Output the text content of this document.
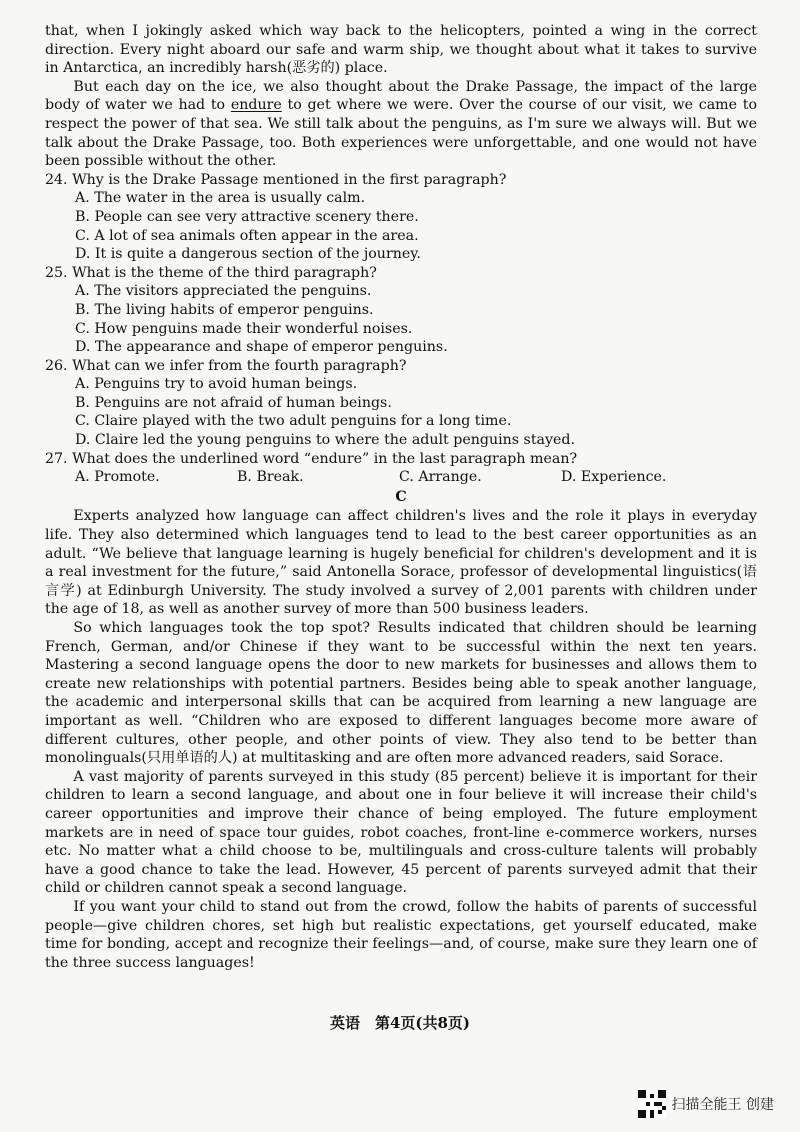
that, when I jokingly asked which way back to the helicopters, pointed a wing in the correct direction. Every night aboard our safe and warm ship, we thought about what it takes to survive in Antarctica, an incredibly harsh(恶劣的) place.

But each day on the ice, we also thought about the Drake Passage, the impact of the large body of water we had to endure to get where we were. Over the course of our visit, we came to respect the power of that sea. We still talk about the penguins, as I'm sure we always will. But we talk about the Drake Passage, too. Both experiences were unforgettable, and one would not have been possible without the other.

24. Why is the Drake Passage mentioned in the first paragraph?

A. The water in the area is usually calm.

B. People can see very attractive scenery there.

C. A lot of sea animals often appear in the area.

D. It is quite a dangerous section of the journey.

25. What is the theme of the third paragraph?

A. The visitors appreciated the penguins.

B. The living habits of emperor penguins.

C. How penguins made their wonderful noises.

D. The appearance and shape of emperor penguins.

26. What can we infer from the fourth paragraph?

A. Penguins try to avoid human beings.

B. Penguins are not afraid of human beings.

C. Claire played with the two adult penguins for a long time.

D. Claire led the young penguins to where the adult penguins stayed.

27. What does the underlined word “endure” in the last paragraph mean?

A. Promote.	B. Break.	C. Arrange.	D. Experience.
C

Experts analyzed how language can affect children's lives and the role it plays in everyday life. They also determined which languages tend to lead to the best career opportunities as an adult. “We believe that language learning is hugely beneficial for children's development and it is a real investment for the future,” said Antonella Sorace, professor of developmental linguistics(语言学) at Edinburgh University. The study involved a survey of 2,001 parents with children under the age of 18, as well as another survey of more than 500 business leaders.

So which languages took the top spot? Results indicated that children should be learning French, German, and/or Chinese if they want to be successful within the next ten years. Mastering a second language opens the door to new markets for businesses and allows them to create new relationships with potential partners. Besides being able to speak another language, the academic and interpersonal skills that can be acquired from learning a new language are important as well. “Children who are exposed to different languages become more aware of different cultures, other people, and other points of view. They also tend to be better than monolinguals(只用单语的人) at multitasking and are often more advanced readers, said Sorace.

A vast majority of parents surveyed in this study (85 percent) believe it is important for their children to learn a second language, and about one in four believe it will increase their child's career opportunities and improve their chance of being employed. The future employment markets are in need of space tour guides, robot coaches, front-line e-commerce workers, nurses etc. No matter what a child choose to be, multilinguals and cross-culture talents will probably have a good chance to take the lead. However, 45 percent of parents surveyed admit that their child or children cannot speak a second language.

If you want your child to stand out from the crowd, follow the habits of parents of successful people—give children chores, set high but realistic expectations, get yourself educated, make time for bonding, accept and recognize their feelings—and, of course, make sure they learn one of the three success languages!

英语　第4页(共8页)
扫描全能王 创建
